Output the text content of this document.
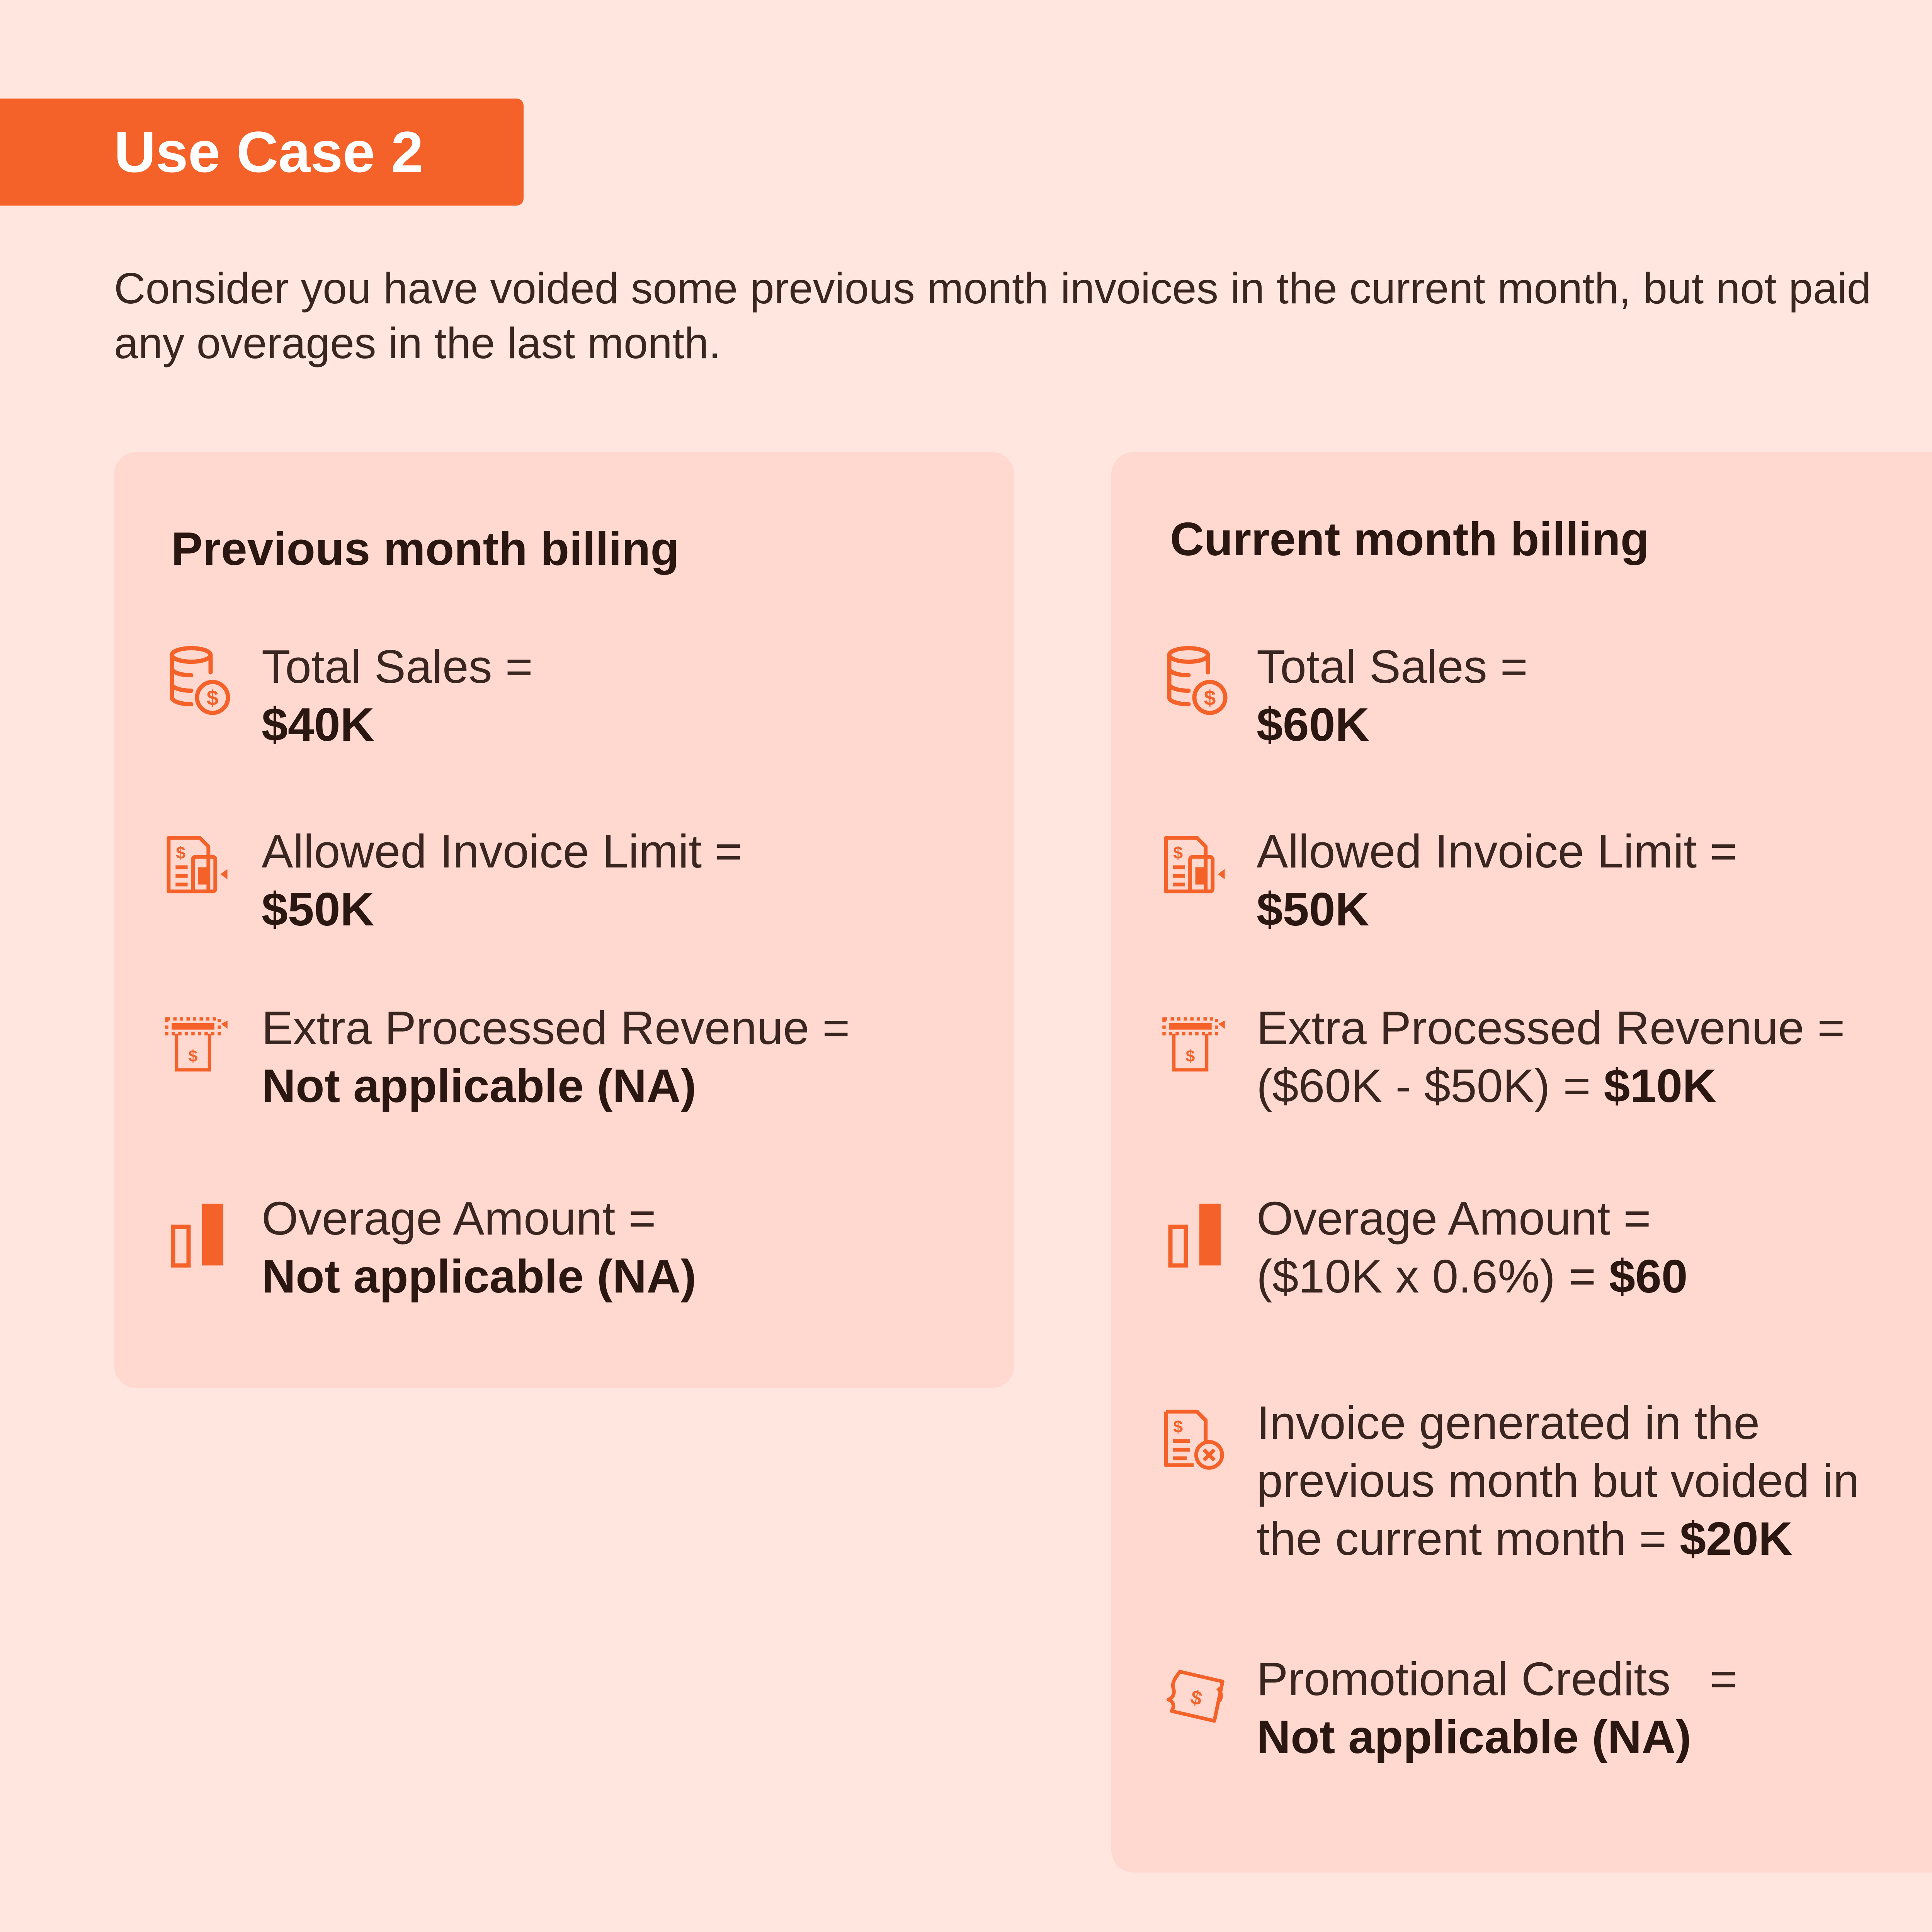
Use Case 2
Consider you have voided some previous month invoices in the current month, but not paid
any overages in the last month.
Previous month billing
Total Sales =
$40K
Allowed Invoice Limit =
$50K
Extra Processed Revenue =
Not applicable (NA)
Overage Amount =
Not applicable (NA)
Current month billing
Total Sales =
$60K
Allowed Invoice Limit =
$50K
Extra Processed Revenue =
($60K - $50K) = $10K
Overage Amount =
($10K x 0.6%) = $60
Invoice generated in the
previous month but voided in
the current month = $20K
Promotional Credits   =
Not applicable (NA)
